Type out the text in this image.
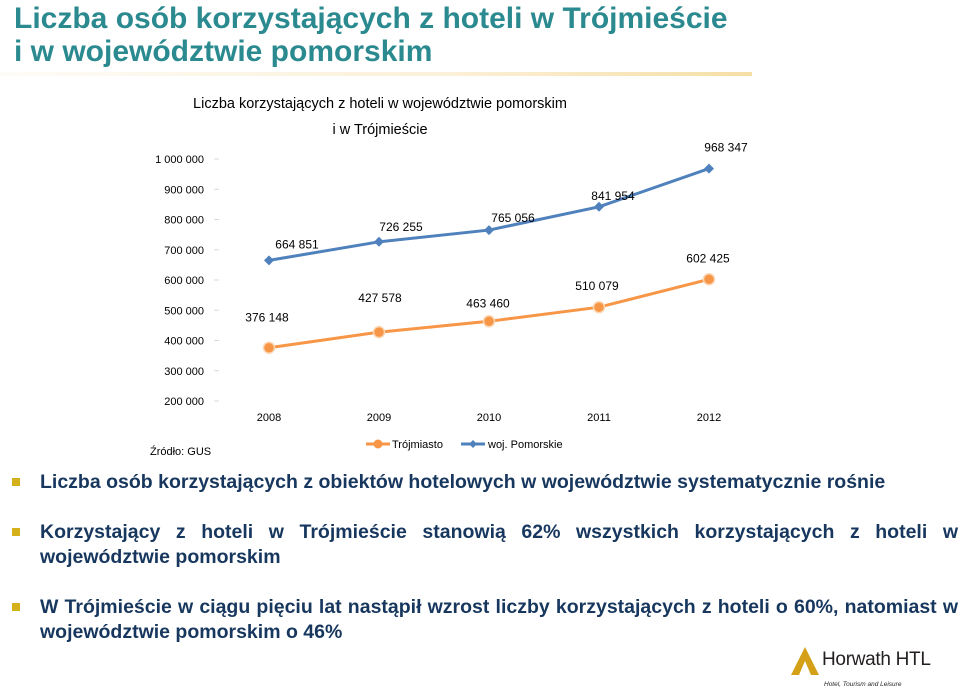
Liczba osób korzystających z hoteli w Trójmieście
i w województwie pomorskim
Liczba korzystających z hoteli w województwie pomorskim
i w Trójmieście
200 000
300 000
400 000
500 000
600 000
700 000
800 000
900 000
1 000 000
2008	2009	2010	2011	2012
376 148
427 578	463 460
510 079
602 425
664 851
726 255
765 056
841 954
968 347
Trójmiasto	woj. Pomorskie
Źródło: GUS
Liczba osób korzystających z obiektów hotelowych w województwie systematycznie rośnie
Korzystający z hoteli w Trójmieście stanowią 62% wszystkich korzystających z hoteli w województwie pomorskim
W Trójmieście w ciągu pięciu lat nastąpił wzrost liczby korzystających z hoteli o 60%, natomiast w województwie pomorskim o 46%
Horwath HTL
Hotel, Tourism and Leisure
